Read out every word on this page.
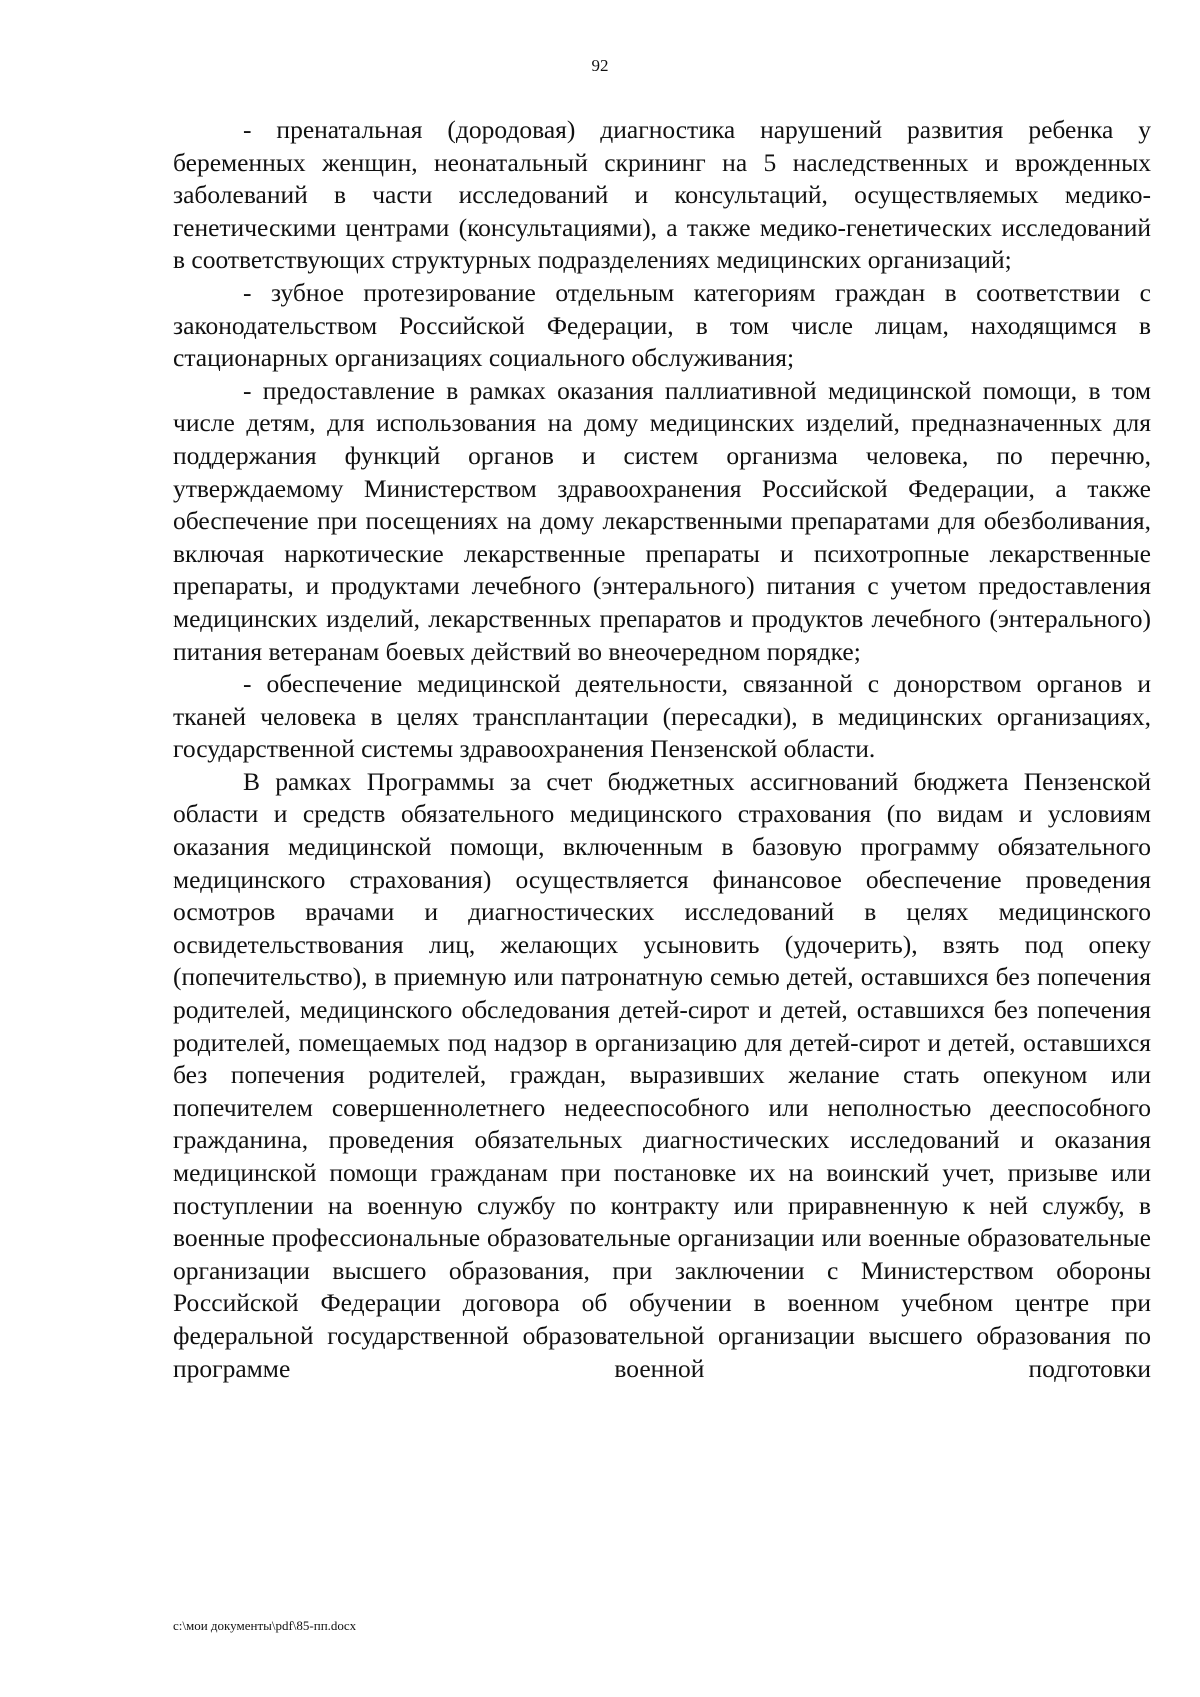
92

- пренатальная (дородовая) диагностика нарушений развития ребенка у беременных женщин, неонатальный скрининг на 5 наследственных и врожденных заболеваний в части исследований и консультаций, осуществляемых медико-генетическими центрами (консультациями), а также медико-генетических исследований в соответствующих структурных подразделениях медицинских организаций;

- зубное протезирование отдельным категориям граждан в соответствии с законодательством Российской Федерации, в том числе лицам, находящимся в стационарных организациях социального обслуживания;

- предоставление в рамках оказания паллиативной медицинской помощи, в том числе детям, для использования на дому медицинских изделий, предназначенных для поддержания функций органов и систем организма человека, по перечню, утверждаемому Министерством здравоохранения Российской Федерации, а также обеспечение при посещениях на дому лекарственными препаратами для обезболивания, включая наркотические лекарственные препараты и психотропные лекарственные препараты, и продуктами лечебного (энтерального) питания с учетом предоставления медицинских изделий, лекарственных препаратов и продуктов лечебного (энтерального) питания ветеранам боевых действий во внеочередном порядке;

- обеспечение медицинской деятельности, связанной с донорством органов и тканей человека в целях трансплантации (пересадки), в медицинских организациях, государственной системы здравоохранения Пензенской области.

В рамках Программы за счет бюджетных ассигнований бюджета Пензенской области и средств обязательного медицинского страхования (по видам и условиям оказания медицинской помощи, включенным в базовую программу обязательного медицинского страхования) осуществляется финансовое обеспечение проведения осмотров врачами и диагностических исследований в целях медицинского освидетельствования лиц, желающих усыновить (удочерить), взять под опеку (попечительство), в приемную или патронатную семью детей, оставшихся без попечения родителей, медицинского обследования детей-сирот и детей, оставшихся без попечения родителей, помещаемых под надзор в организацию для детей-сирот и детей, оставшихся без попечения родителей, граждан, выразивших желание стать опекуном или попечителем совершеннолетнего недееспособного или неполностью дееспособного гражданина, проведения обязательных диагностических исследований и оказания медицинской помощи гражданам при постановке их на воинский учет, призыве или поступлении на военную службу по контракту или приравненную к ней службу, в военные профессиональные образовательные организации или военные образовательные организации высшего образования, при заключении с Министерством обороны Российской Федерации договора об обучении в военном учебном центре при федеральной государственной образовательной организации высшего образования по программе военной подготовки

c:\мои документы\pdf\85-пп.docx
